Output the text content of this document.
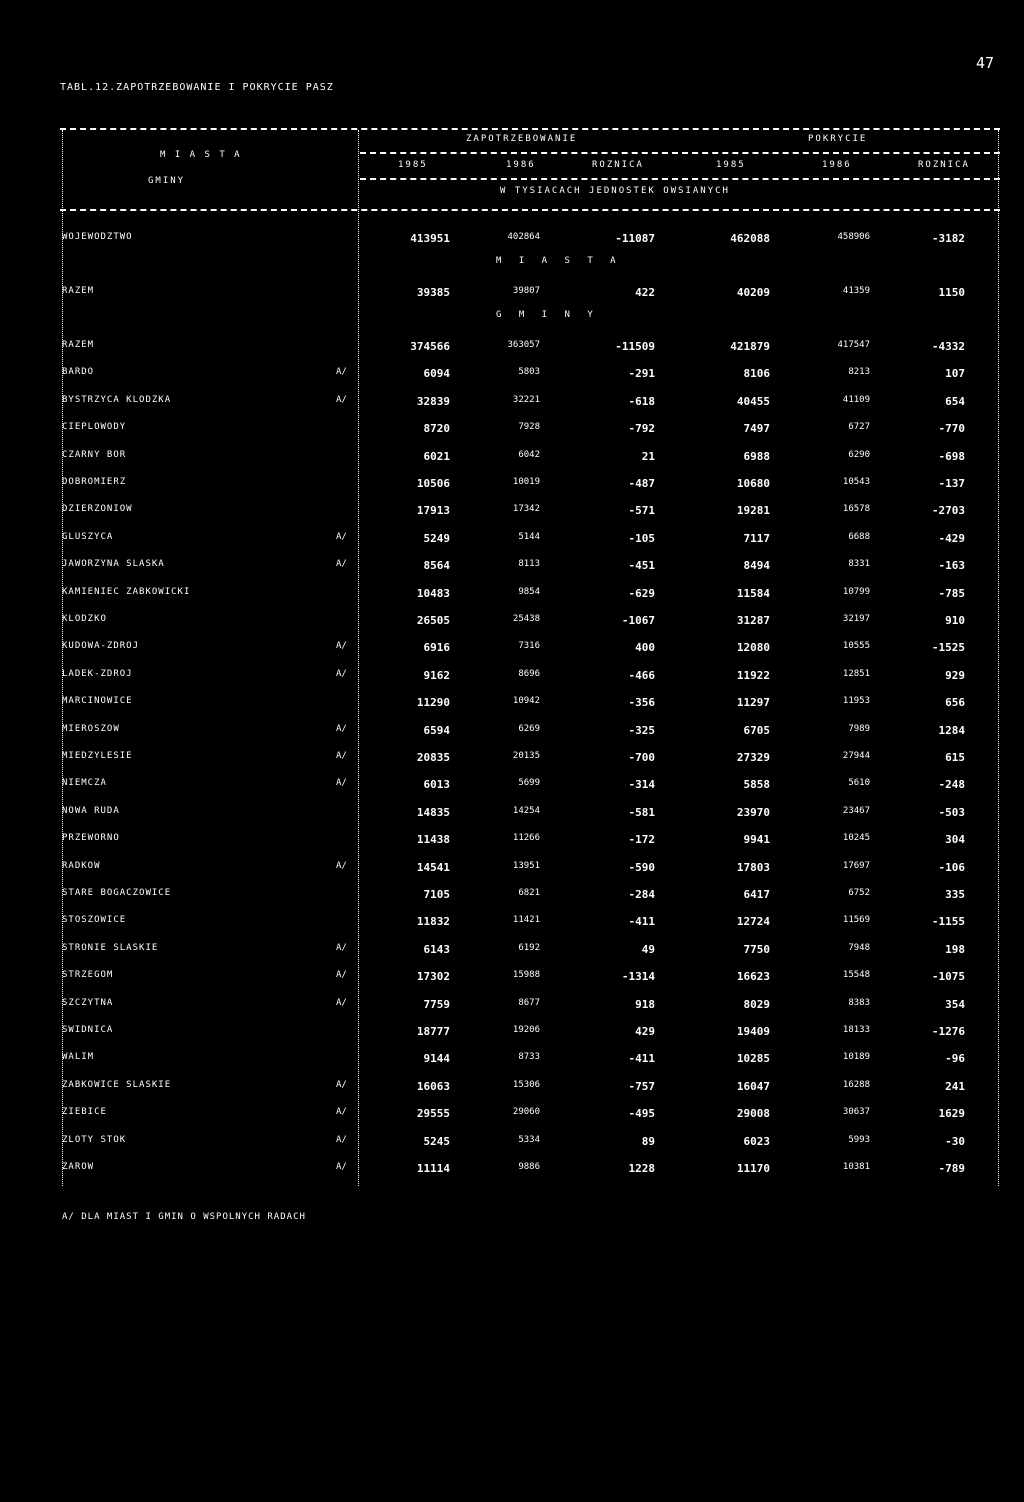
47
TABL.12.ZAPOTRZEBOWANIE I POKRYCIE PASZ
M I A S T A
GMINY
ZAPOTRZEBOWANIE	POKRYCIE
1985	1986	ROZNICA	1985	1986	ROZNICA
W TYSIACACH JEDNOSTEK OWSIANYCH
M I A S T A
G M I N Y
WOJEWODZTWO	413951	402864	-11087	462088	458906	-3182
RAZEM	39385	39807	422	40209	41359	1150
RAZEM	374566	363057	-11509	421879	417547	-4332
BARDO	A/	6094	5803	-291	8106	8213	107
BYSTRZYCA KLODZKA	A/	32839	32221	-618	40455	41109	654
CIEPLOWODY	8720	7928	-792	7497	6727	-770
CZARNY BOR	6021	6042	21	6988	6290	-698
DOBROMIERZ	10506	10019	-487	10680	10543	-137
DZIERZONIOW	17913	17342	-571	19281	16578	-2703
GLUSZYCA	A/	5249	5144	-105	7117	6688	-429
JAWORZYNA SLASKA	A/	8564	8113	-451	8494	8331	-163
KAMIENIEC ZABKOWICKI	10483	9854	-629	11584	10799	-785
KLODZKO	26505	25438	-1067	31287	32197	910
KUDOWA-ZDROJ	A/	6916	7316	400	12080	10555	-1525
LADEK-ZDROJ	A/	9162	8696	-466	11922	12851	929
MARCINOWICE	11290	10942	-356	11297	11953	656
MIEROSZOW	A/	6594	6269	-325	6705	7989	1284
MIEDZYLESIE	A/	20835	20135	-700	27329	27944	615
NIEMCZA	A/	6013	5699	-314	5858	5610	-248
NOWA RUDA	14835	14254	-581	23970	23467	-503
PRZEWORNO	11438	11266	-172	9941	10245	304
RADKOW	A/	14541	13951	-590	17803	17697	-106
STARE BOGACZOWICE	7105	6821	-284	6417	6752	335
STOSZOWICE	11832	11421	-411	12724	11569	-1155
STRONIE SLASKIE	A/	6143	6192	49	7750	7948	198
STRZEGOM	A/	17302	15988	-1314	16623	15548	-1075
SZCZYTNA	A/	7759	8677	918	8029	8383	354
SWIDNICA	18777	19206	429	19409	18133	-1276
WALIM	9144	8733	-411	10285	10189	-96
ZABKOWICE SLASKIE	A/	16063	15306	-757	16047	16288	241
ZIEBICE	A/	29555	29060	-495	29008	30637	1629
ZLOTY STOK	A/	5245	5334	89	6023	5993	-30
ZAROW	A/	11114	9886	1228	11170	10381	-789
A/ DLA MIAST I GMIN O WSPOLNYCH RADACH
